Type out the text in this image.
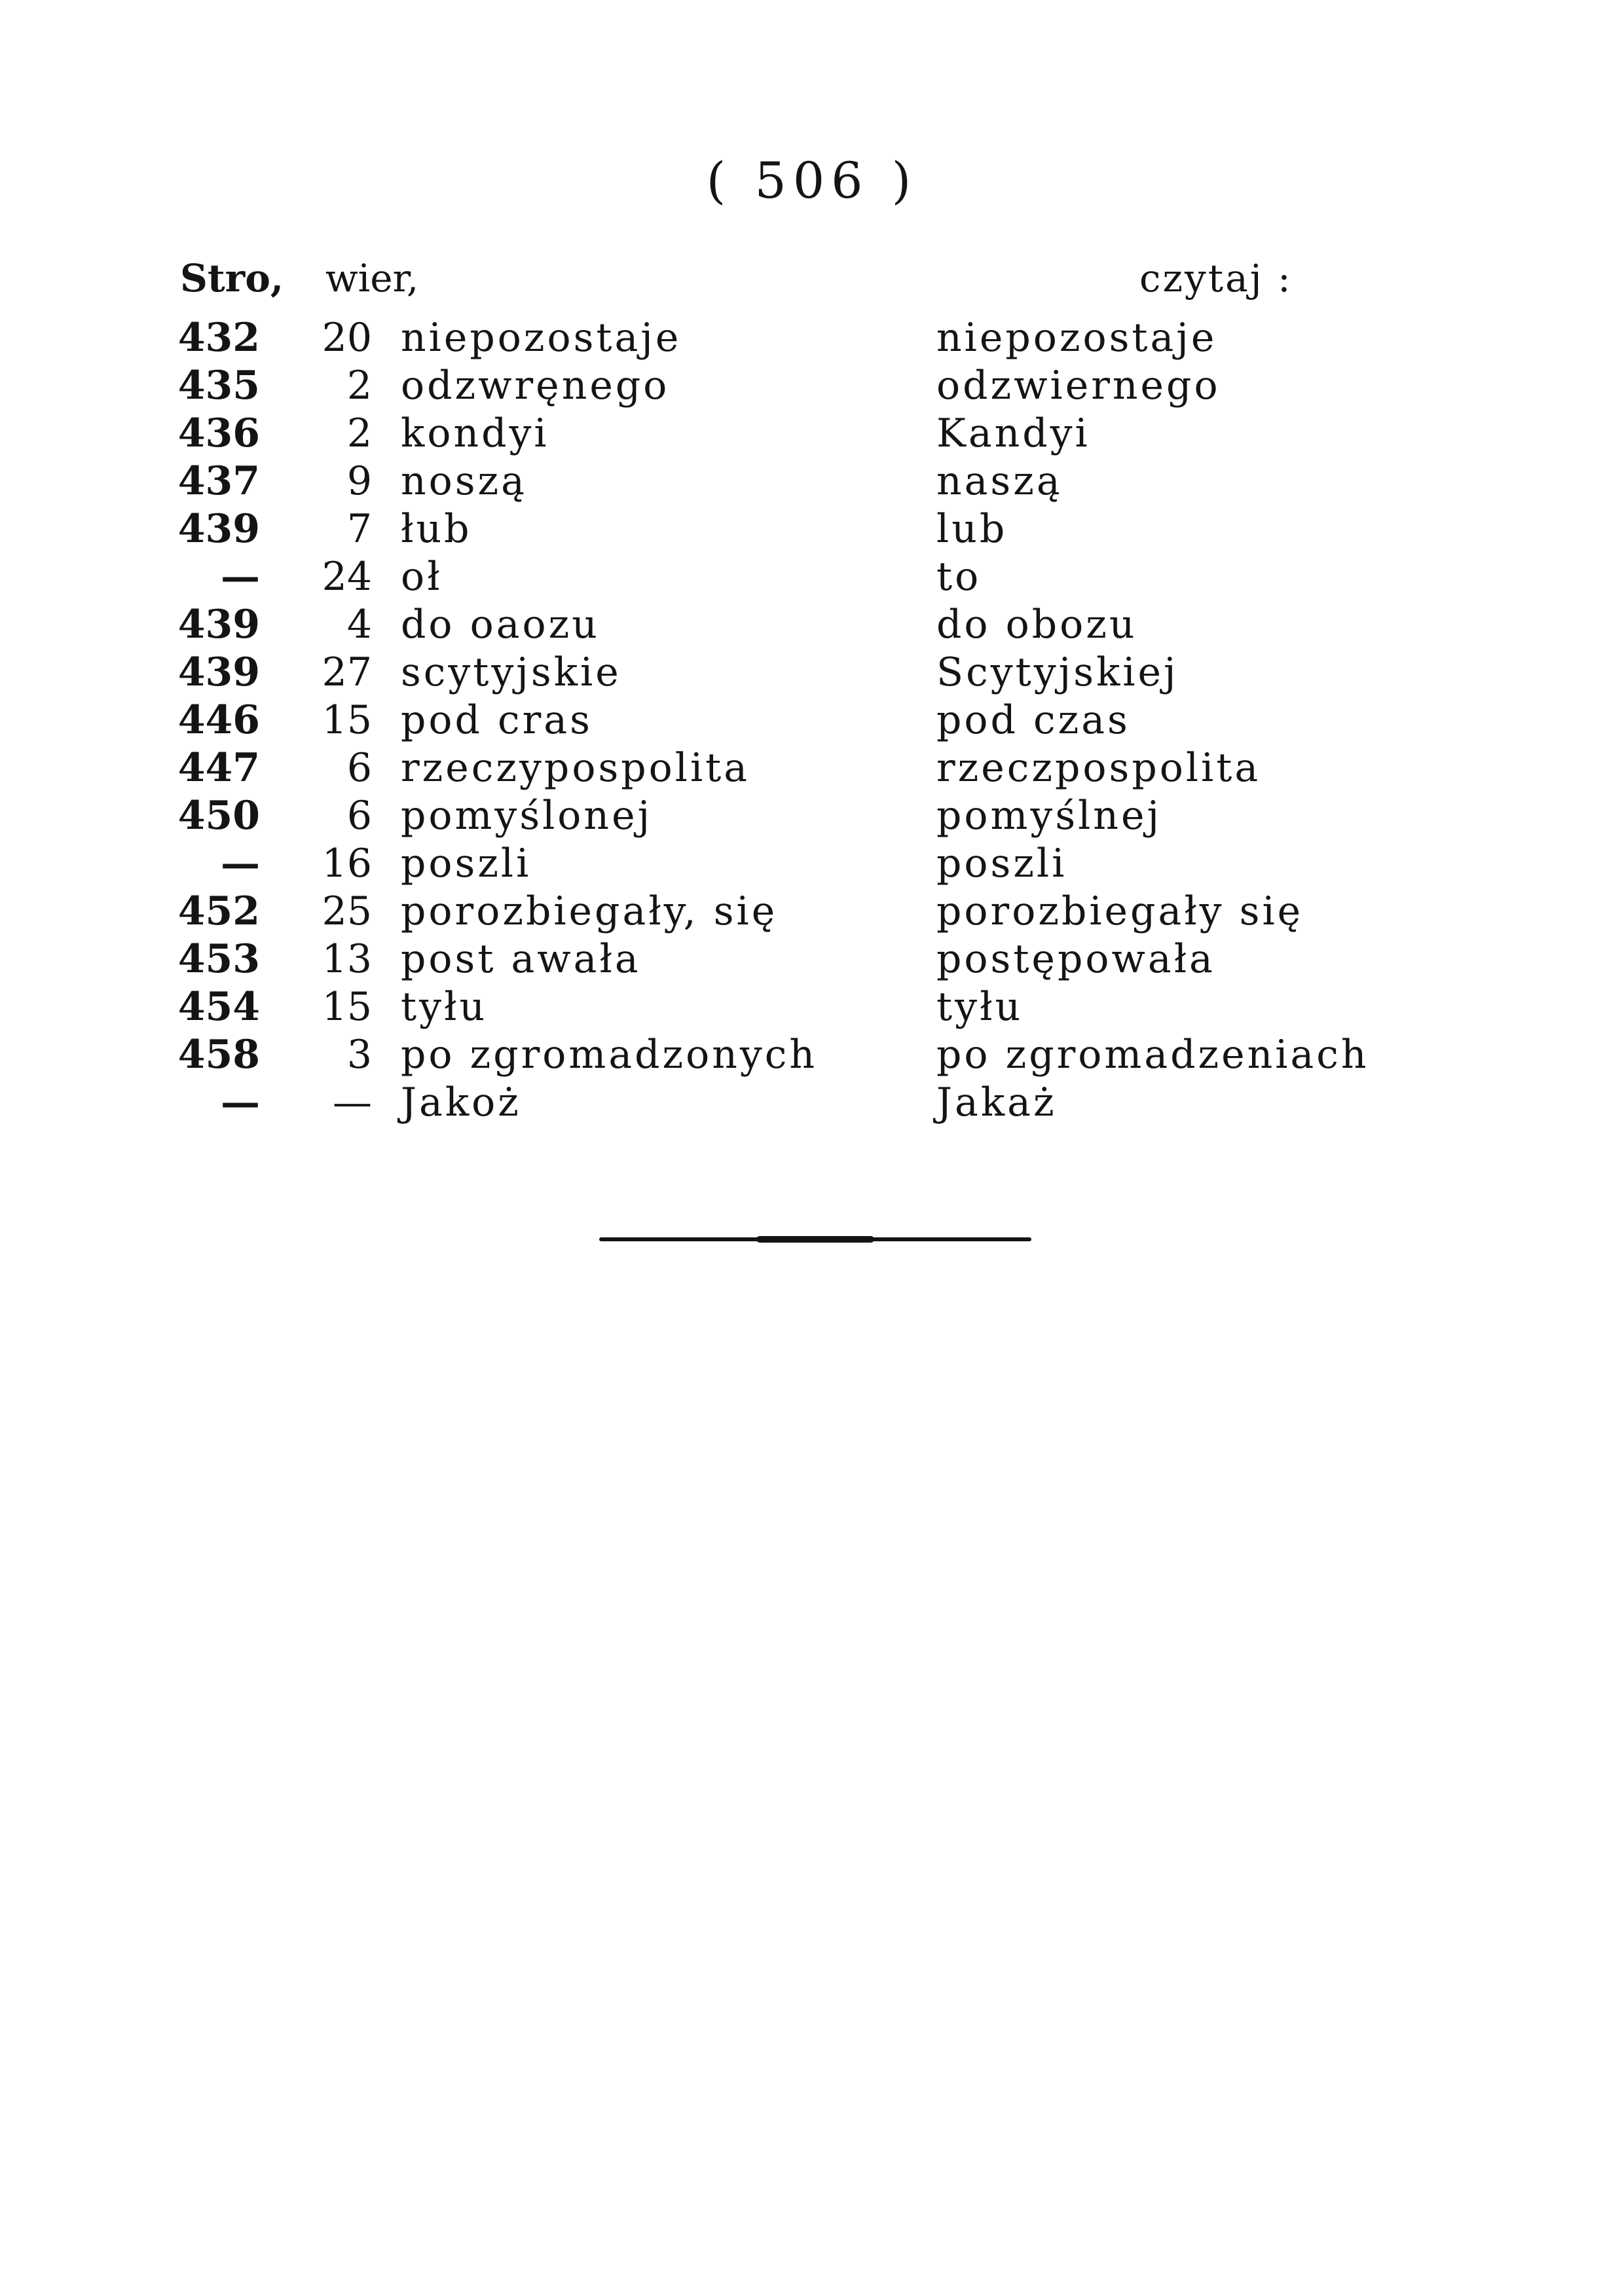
( 506 )
Stro, wier,	czytaj :
432 20 niepozostaje	niepozostaje
435 2 odzwręnego	odzwiernego
436 2 kondyi	Kandyi
437 9 noszą	naszą
439 7 łub	lub
— 24 oł	to
439 4 do oaozu	do obozu
439 27 scytyjskie	Scytyjskiej
446 15 pod cras	pod czas
447 6 rzeczypospolita	rzeczpospolita
450 6 pomyślonej	pomyślnej
— 16 poszli	poszli
452 25 porozbiegały, się	porozbiegały się
453 13 post awała	postępowała
454 15 tyłu	tyłu
458 3 po zgromadzonych	po zgromadzeniach
— — Jakoż	Jakaż
